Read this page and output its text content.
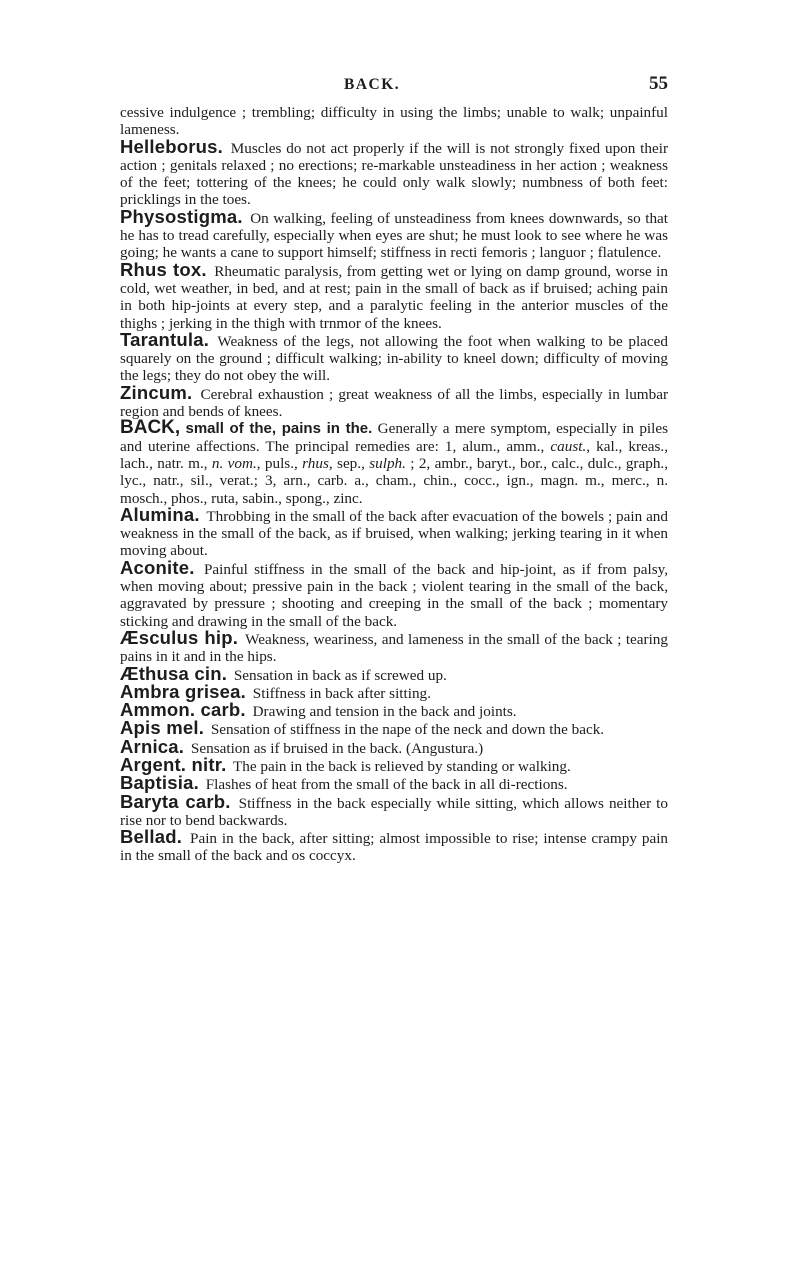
BACK.	55

cessive indulgence ; trembling; difficulty in using the limbs; unable to walk; unpainful lameness.

Helleborus. Muscles do not act properly if the will is not strongly fixed upon their action ; genitals relaxed ; no erections; re-markable unsteadiness in her action ; weakness of the feet; tottering of the knees; he could only walk slowly; numbness of both feet: pricklings in the toes.

Physostigma. On walking, feeling of unsteadiness from knees downwards, so that he has to tread carefully, especially when eyes are shut; he must look to see where he was going; he wants a cane to support himself; stiffness in recti femoris ; languor ; flatulence.

Rhus tox. Rheumatic paralysis, from getting wet or lying on damp ground, worse in cold, wet weather, in bed, and at rest; pain in the small of back as if bruised; aching pain in both hip-joints at every step, and a paralytic feeling in the anterior muscles of the thighs ; jerking in the thigh with trnmor of the knees.

Tarantula. Weakness of the legs, not allowing the foot when walking to be placed squarely on the ground ; difficult walking; in-ability to kneel down; difficulty of moving the legs; they do not obey the will.

Zincum. Cerebral exhaustion ; great weakness of all the limbs, especially in lumbar region and bends of knees.

BACK, small of the, pains in the. Generally a mere symptom, especially in piles and uterine affections. The principal remedies are: 1, alum., amm., caust., kal., kreas., lach., natr. m., n. vom., puls., rhus, sep., sulph. ; 2, ambr., baryt., bor., calc., dulc., graph., lyc., natr., sil., verat.; 3, arn., carb. a., cham., chin., cocc., ign., magn. m., merc., n. mosch., phos., ruta, sabin., spong., zinc.

Alumina. Throbbing in the small of the back after evacuation of the bowels ; pain and weakness in the small of the back, as if bruised, when walking; jerking tearing in it when moving about.

Aconite. Painful stiffness in the small of the back and hip-joint, as if from palsy, when moving about; pressive pain in the back ; violent tearing in the small of the back, aggravated by pressure ; shooting and creeping in the small of the back ; momentary sticking and drawing in the small of the back.

Æsculus hip. Weakness, weariness, and lameness in the small of the back ; tearing pains in it and in the hips.

Æthusa cin. Sensation in back as if screwed up.

Ambra grisea. Stiffness in back after sitting.

Ammon. carb. Drawing and tension in the back and joints.

Apis mel. Sensation of stiffness in the nape of the neck and down the back.

Arnica. Sensation as if bruised in the back. (Angustura.)

Argent. nitr. The pain in the back is relieved by standing or walking.

Baptisia. Flashes of heat from the small of the back in all di-rections.

Baryta carb. Stiffness in the back especially while sitting, which allows neither to rise nor to bend backwards.

Bellad. Pain in the back, after sitting; almost impossible to rise; intense crampy pain in the small of the back and os coccyx.
